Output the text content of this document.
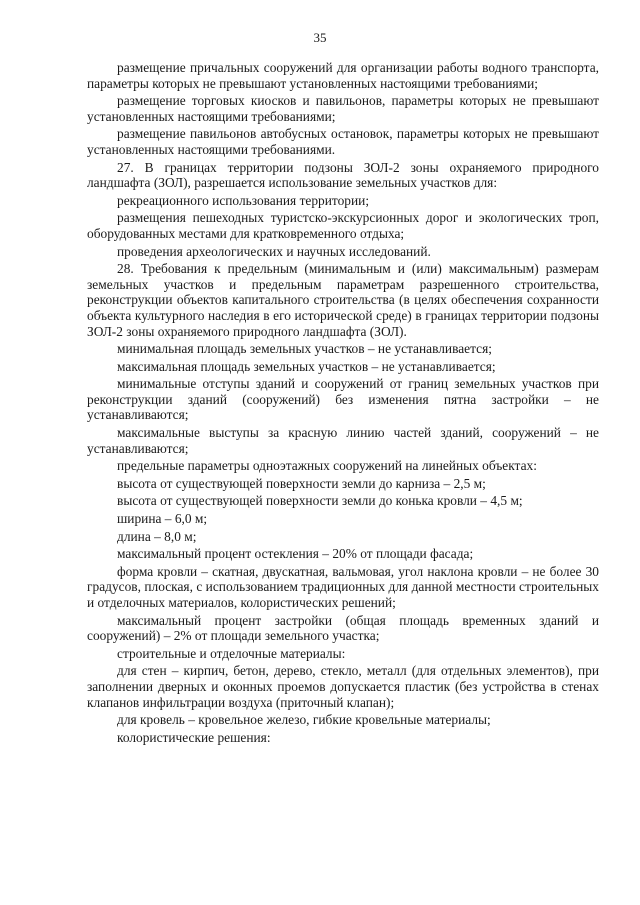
35

размещение причальных сооружений для организации работы водного транспорта, параметры которых не превышают установленных настоящими требованиями;

размещение торговых киосков и павильонов, параметры которых не превышают установленных настоящими требованиями;

размещение павильонов автобусных остановок, параметры которых не превышают установленных настоящими требованиями.

27. В границах территории подзоны ЗОЛ-2 зоны охраняемого природного ландшафта (ЗОЛ), разрешается использование земельных участков для:

рекреационного использования территории;

размещения пешеходных туристско-экскурсионных дорог и экологических троп, оборудованных местами для кратковременного отдыха;

проведения археологических и научных исследований.

28. Требования к предельным (минимальным и (или) максимальным) размерам земельных участков и предельным параметрам разрешенного строительства, реконструкции объектов капитального строительства (в целях обеспечения сохранности объекта культурного наследия в его исторической среде) в границах территории подзоны ЗОЛ-2 зоны охраняемого природного ландшафта (ЗОЛ).

минимальная площадь земельных участков – не устанавливается;

максимальная площадь земельных участков – не устанавливается;

минимальные отступы зданий и сооружений от границ земельных участков при реконструкции зданий (сооружений) без изменения пятна застройки – не устанавливаются;

максимальные выступы за красную линию частей зданий, сооружений – не устанавливаются;

предельные параметры одноэтажных сооружений на линейных объектах:

высота от существующей поверхности земли до карниза – 2,5 м;

высота от существующей поверхности земли до конька кровли – 4,5 м;

ширина – 6,0 м;

длина – 8,0 м;

максимальный процент остекления – 20% от площади фасада;

форма кровли – скатная, двускатная, вальмовая, угол наклона кровли – не более 30 градусов, плоская, с использованием традиционных для данной местности строительных и отделочных материалов, колористических решений;

максимальный процент застройки (общая площадь временных зданий и сооружений) – 2% от площади земельного участка;

строительные и отделочные материалы:

для стен – кирпич, бетон, дерево, стекло, металл (для отдельных элементов), при заполнении дверных и оконных проемов допускается пластик (без устройства в стенах клапанов инфильтрации воздуха (приточный клапан);

для кровель – кровельное железо, гибкие кровельные материалы;

колористические решения:
